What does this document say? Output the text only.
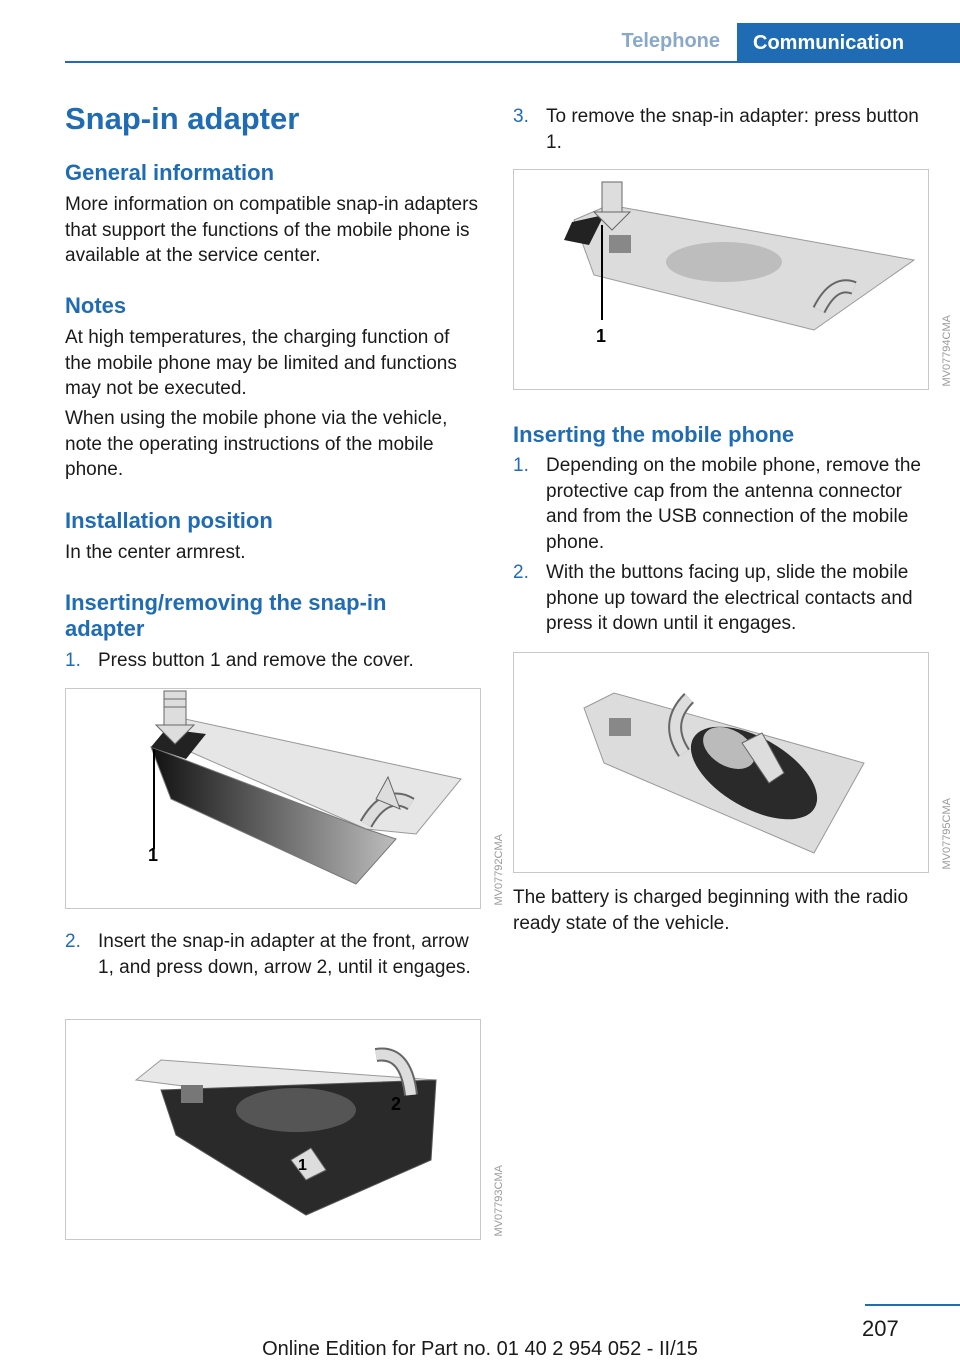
Telephone	Communication
Snap-in adapter
General information

More information on compatible snap-in adapters that support the functions of the mobile phone is available at the service center.

Notes

At high temperatures, the charging function of the mobile phone may be limited and functions may not be executed.

When using the mobile phone via the vehicle, note the operating instructions of the mobile phone.

Installation position

In the center armrest.

Inserting/removing the snap-in adapter
1. Press button 1 and remove the cover.
1	MV07792CMA
2. Insert the snap-in adapter at the front, arrow 1, and press down, arrow 2, until it engages.
2
1	MV07793CMA
3. To remove the snap-in adapter: press button 1.
1	MV07794CMA
Inserting the mobile phone
1. Depending on the mobile phone, remove the protective cap from the antenna connector and from the USB connection of the mobile phone.
2. With the buttons facing up, slide the mobile phone up toward the electrical contacts and press it down until it engages.
MV07795CMA

The battery is charged beginning with the radio ready state of the vehicle.

207
Online Edition for Part no. 01 40 2 954 052 - II/15
